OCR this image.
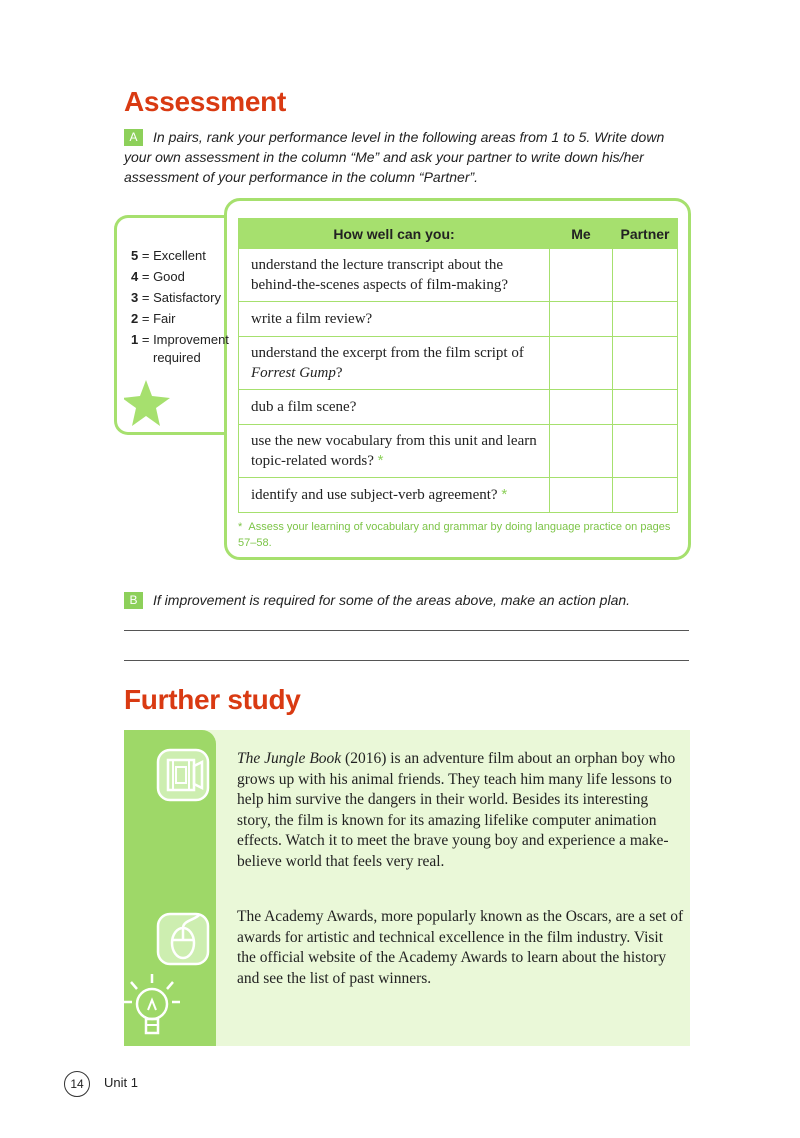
Assessment
A In pairs, rank your performance level in the following areas from 1 to 5. Write down your own assessment in the column “Me” and ask your partner to write down his/her assessment of your performance in the column “Partner”.
5 = Excellent
4 = Good
3 = Satisfactory
2 = Fair
1 = Improvement
required
How well can you:	Me	Partner
understand the lecture transcript about the behind-the-scenes aspects of film-making?		
write a film review?		
understand the excerpt from the film script of Forrest Gump?		
dub a film scene?		
use the new vocabulary from this unit and learn topic-related words? *		
identify and use subject-verb agreement? *		
* Assess your learning of vocabulary and grammar by doing language practice on pages 57–58.
B If improvement is required for some of the areas above, make an action plan.
Further study
The Jungle Book (2016) is an adventure film about an orphan boy who grows up with his animal friends. They teach him many life lessons to help him survive the dangers in their world. Besides its interesting story, the film is known for its amazing lifelike computer animation effects. Watch it to meet the brave young boy and experience a make-believe world that feels very real.
The Academy Awards, more popularly known as the Oscars, are a set of awards for artistic and technical excellence in the film industry. Visit the official website of the Academy Awards to learn about the history and see the list of past winners.
14	Unit 1
